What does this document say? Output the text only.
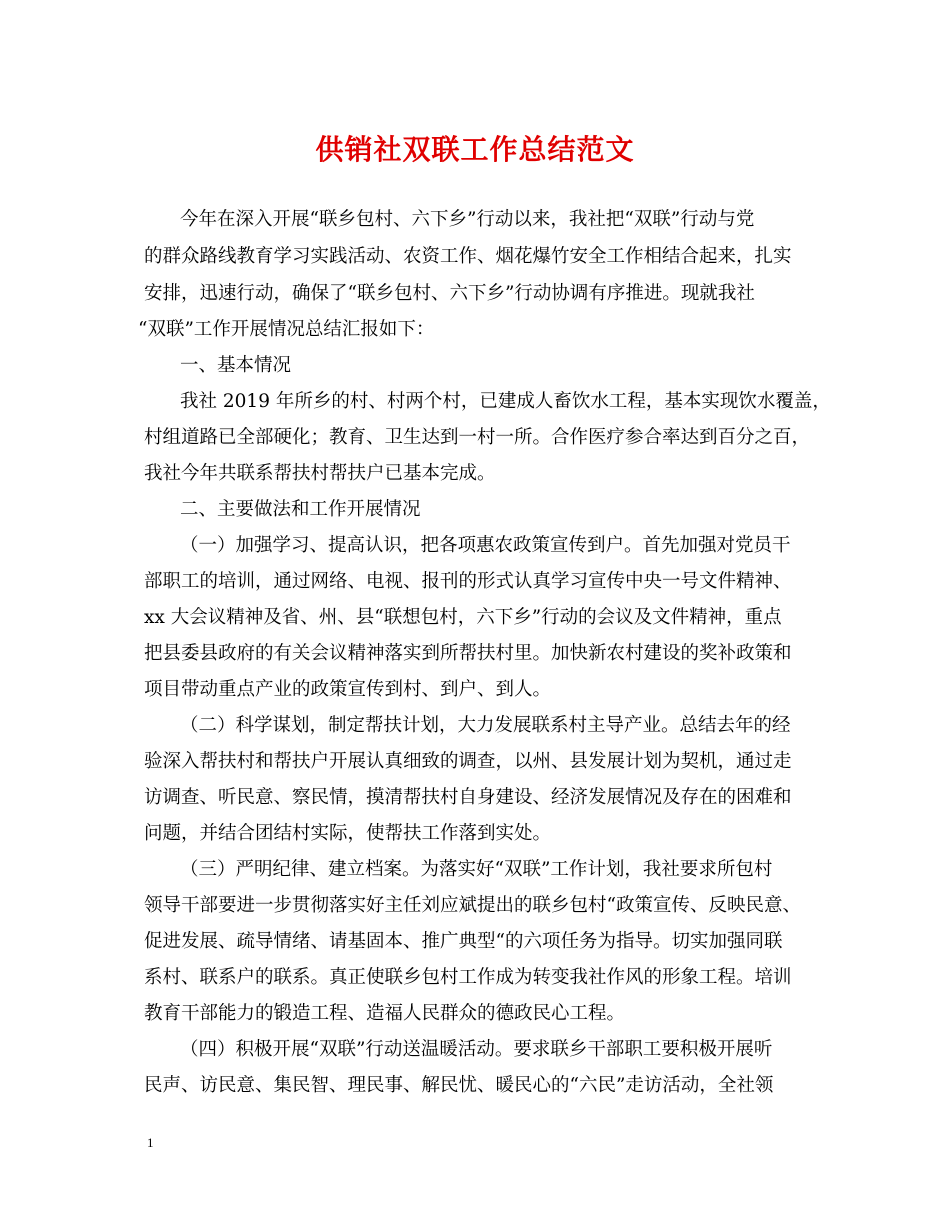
供销社双联工作总结范文
今年在深入开展“联乡包村、六下乡”行动以来，我社把“双联”行动与党
的群众路线教育学习实践活动、农资工作、烟花爆竹安全工作相结合起来，扎实
安排，迅速行动，确保了“联乡包村、六下乡”行动协调有序推进。现就我社
“双联”工作开展情况总结汇报如下：
一、基本情况
我社 2019 年所乡的村、村两个村，已建成人畜饮水工程，基本实现饮水覆盖，
村组道路已全部硬化；教育、卫生达到一村一所。合作医疗参合率达到百分之百，
我社今年共联系帮扶村帮扶户已基本完成。
二、主要做法和工作开展情况
（一）加强学习、提高认识，把各项惠农政策宣传到户。首先加强对党员干
部职工的培训，通过网络、电视、报刊的形式认真学习宣传中央一号文件精神、
xx 大会议精神及省、州、县“联想包村，六下乡”行动的会议及文件精神，重点
把县委县政府的有关会议精神落实到所帮扶村里。加快新农村建设的奖补政策和
项目带动重点产业的政策宣传到村、到户、到人。
（二）科学谋划，制定帮扶计划，大力发展联系村主导产业。总结去年的经
验深入帮扶村和帮扶户开展认真细致的调查，以州、县发展计划为契机，通过走
访调查、听民意、察民情，摸清帮扶村自身建设、经济发展情况及存在的困难和
问题，并结合团结村实际，使帮扶工作落到实处。
（三）严明纪律、建立档案。为落实好“双联”工作计划，我社要求所包村
领导干部要进一步贯彻落实好主任刘应斌提出的联乡包村“政策宣传、反映民意、
促进发展、疏导情绪、请基固本、推广典型“的六项任务为指导。切实加强同联
系村、联系户的联系。真正使联乡包村工作成为转变我社作风的形象工程。培训
教育干部能力的锻造工程、造福人民群众的德政民心工程。
（四）积极开展“双联”行动送温暖活动。要求联乡干部职工要积极开展听
民声、访民意、集民智、理民事、解民忧、暖民心的“六民”走访活动，全社领
1
